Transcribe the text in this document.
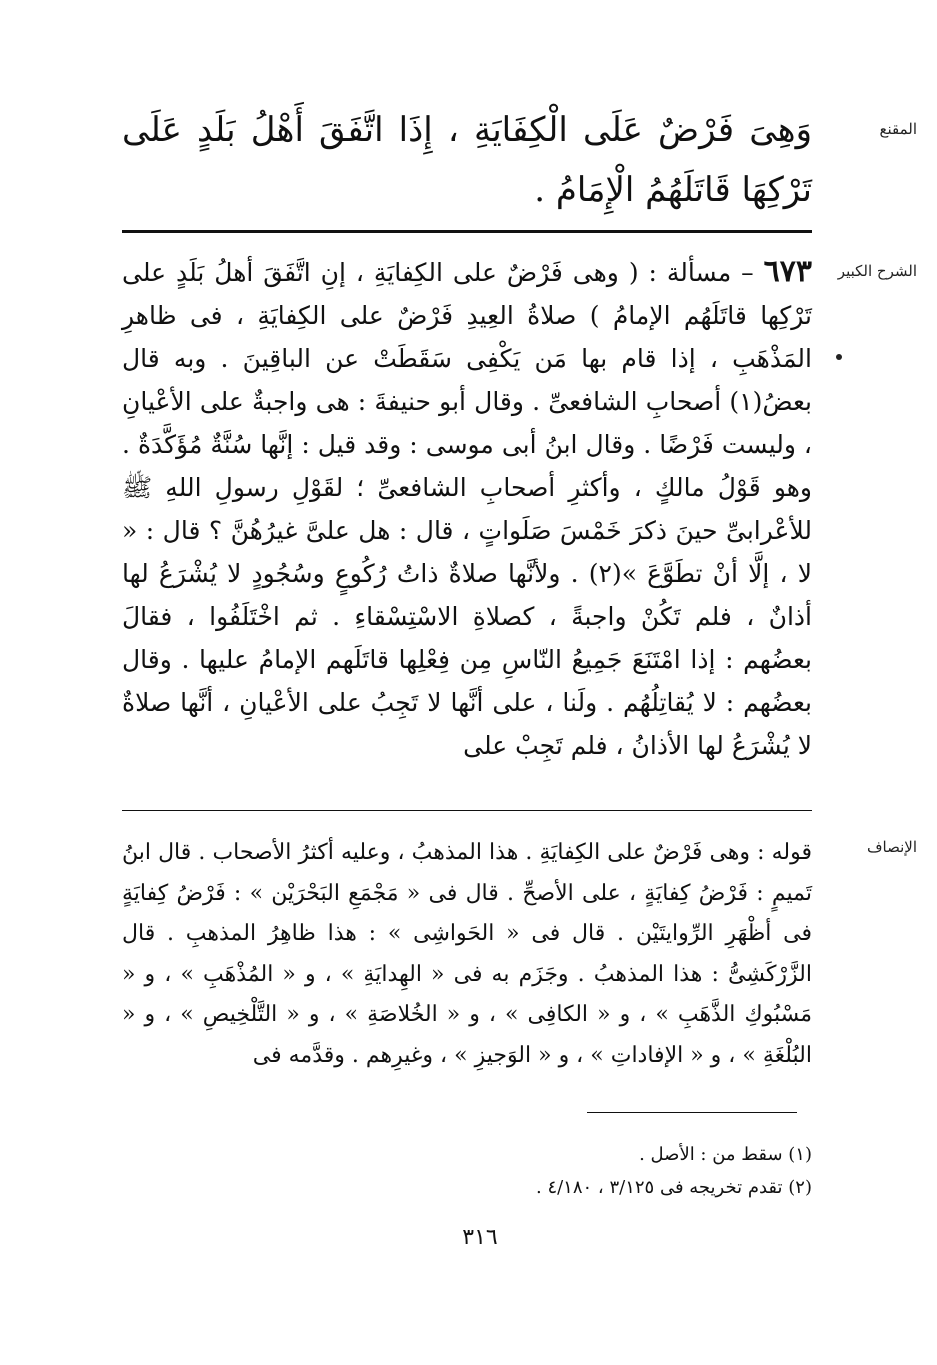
المقنع
وَهِىَ فَرْضٌ عَلَى الْكِفَايَةِ ، إِذَا اتَّفَقَ أَهْلُ بَلَدٍ عَلَى تَرْكِهَا قَاتَلَهُمُ الْإِمَامُ .
الشرح الكبير
٦٧٣ – مسألة : ( وهى فَرْضٌ على الكِفايَةِ ، إنِ اتَّفَقَ أهلُ بَلَدٍ على تَرْكِها قاتَلَهُم الإمامُ ) صلاةُ العِيدِ فَرْضٌ على الكِفايَةِ ، فى ظاهرِ المَذْهَبِ ، إذا قام بها مَن يَكْفِى سَقَطَتْ عن الباقِينَ . وبه قال بعضُ(١) أصحابِ الشافعىِّ . وقال أبو حنيفةَ : هى واجبةٌ على الأعْيانِ ، وليست فَرْضًا . وقال ابنُ أبى موسى : وقد قيل : إنَّها سُنَّةٌ مُؤَكَّدَةٌ . وهو قَوْلُ مالكٍ ، وأكثرِ أصحابِ الشافعىِّ ؛ لقَوْلِ رسولِ اللهِ ﷺ للأعْرابىِّ حينَ ذكرَ خَمْسَ صَلَواتٍ ، قال : هل علىَّ غيرُهُنَّ ؟ قال : « لا ، إلَّا أنْ تطَوَّعَ »(٢) . ولأنَّها صلاةٌ ذاتُ رُكُوعٍ وسُجُودٍ لا يُشْرَعُ لها أذانٌ ، فلم تَكُنْ واجبةً ، كصلاةِ الاسْتِسْقاءِ . ثم اخْتَلَفُوا ، فقالَ بعضُهم : إذا امْتَنَعَ جَمِيعُ النّاسِ مِن فِعْلِها قاتَلَهم الإمامُ عليها . وقال بعضُهم : لا يُقاتِلُهُم . ولَنا ، على أنَّها لا تَجِبُ على الأعْيانِ ، أنَّها صلاةٌ لا يُشْرَعُ لها الأذانُ ، فلم تَجِبْ على
الإنصاف
قوله : وهى فَرْضٌ على الكِفايَةِ . هذا المذهبُ ، وعليه أكثرُ الأصحاب . قال ابنُ تَميمٍ : فَرْضُ كِفايَةٍ ، على الأصحِّ . قال فى « مَجْمَعِ البَحْرَيْن » : فَرْضُ كِفايَةٍ فى أظْهَرِ الرِّوايتَيْن . قال فى « الحَواشِى » : هذا ظاهِرُ المذهبِ . قال الزَّرْكَشِىُّ : هذا المذهبُ . وجَزَم به فى « الهِدايَةِ » ، و « المُذْهَبِ » ، و « مَسْبُوكِ الذَّهَبِ » ، و « الكافِى » ، و « الخُلاصَةِ » ، و « التَّلْخِيصِ » ، و « البُلْغَةِ » ، و « الإفاداتِ » ، و « الوَجيزِ » ، وغيرِهم . وقدَّمه فى
(١) سقط من : الأصل .
(٢) تقدم تخريجه فى ٣/١٢٥ ، ٤/١٨٠ .
٣١٦
